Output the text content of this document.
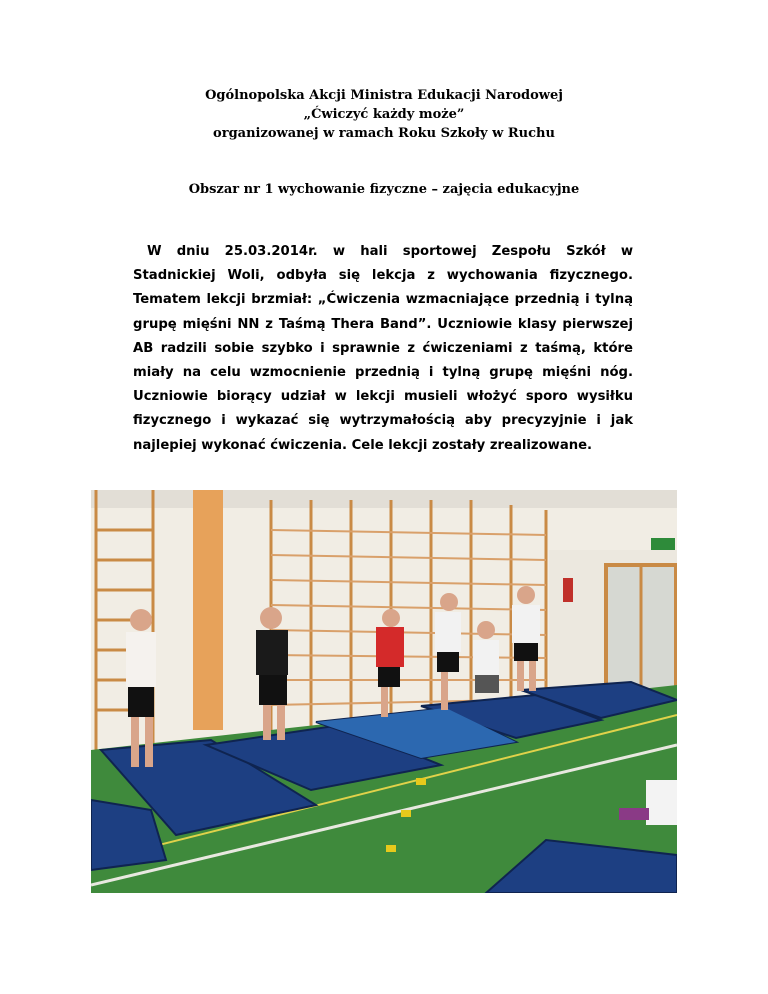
Ogólnopolska Akcji Ministra Edukacji Narodowej

„Ćwiczyć każdy może”

organizowanej w ramach Roku Szkoły w Ruchu

Obszar nr 1 wychowanie fizyczne – zajęcia edukacyjne

W dniu 25.03.2014r. w hali sportowej Zespołu Szkół w Stadnickiej Woli, odbyła się lekcja z wychowania fizycznego. Tematem lekcji brzmiał: „Ćwiczenia wzmacniające przednią i tylną grupę mięśni NN z Taśmą Thera Band”. Uczniowie klasy pierwszej AB radzili sobie szybko i sprawnie z ćwiczeniami z taśmą, które miały na celu wzmocnienie przednią i tylną grupę mięśni nóg. Uczniowie biorący udział w lekcji musieli włożyć sporo wysiłku fizycznego i wykazać się wytrzymałością aby precyzyjnie i jak najlepiej wykonać ćwiczenia. Cele lekcji zostały zrealizowane.
